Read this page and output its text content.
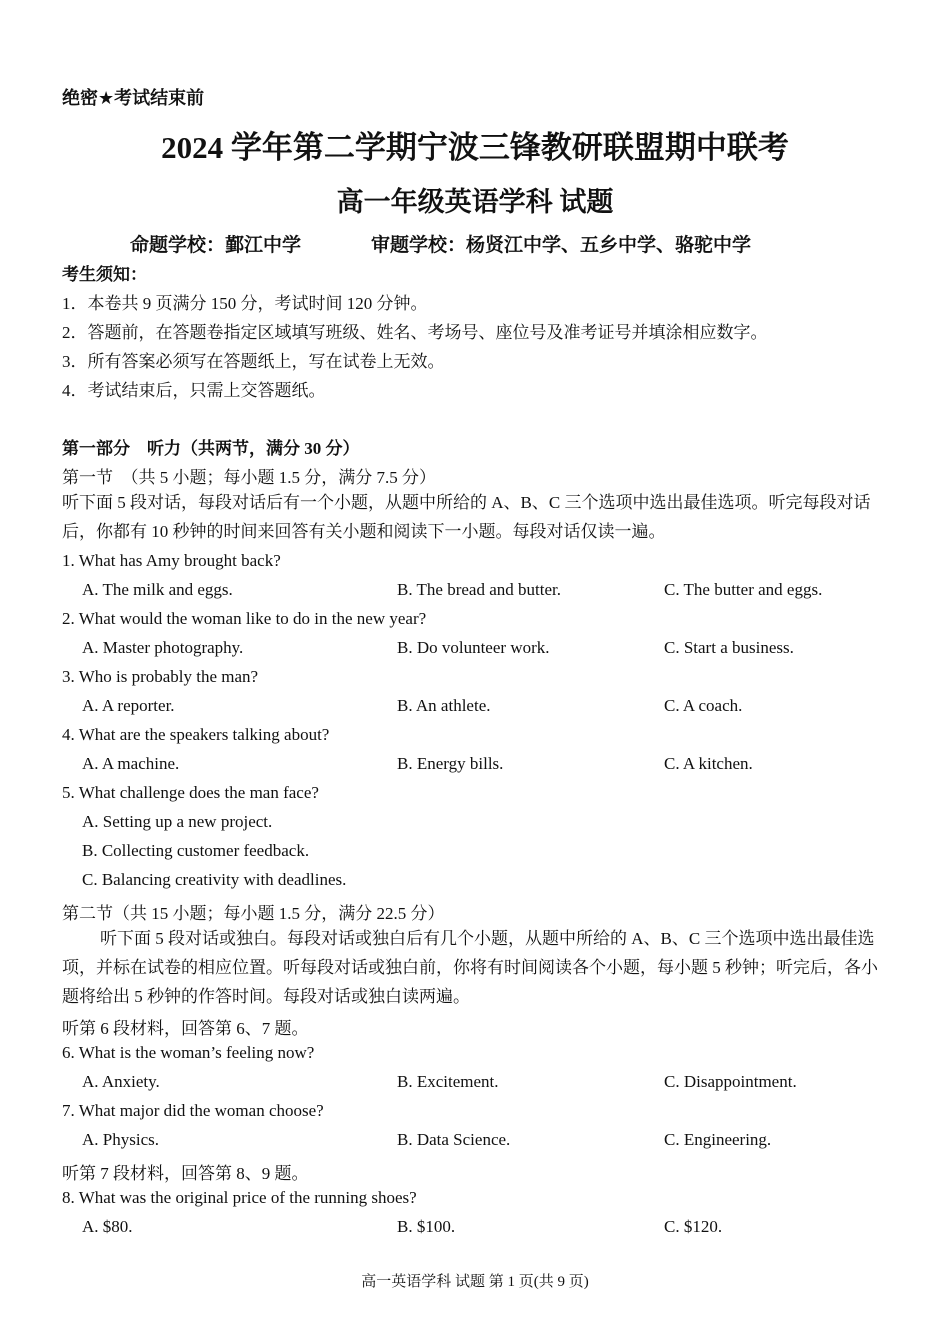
绝密★考试结束前
2024 学年第二学期宁波三锋教研联盟期中联考
高一年级英语学科 试题
命题学校：鄞江中学	审题学校：杨贤江中学、五乡中学、骆驼中学
考生须知：
1．本卷共 9 页满分 150 分，考试时间 120 分钟。
2．答题前，在答题卷指定区域填写班级、姓名、考场号、座位号及准考证号并填涂相应数字。
3．所有答案必须写在答题纸上，写在试卷上无效。
4．考试结束后，只需上交答题纸。
第一部分　听力（共两节，满分 30 分）
第一节　（共 5 小题；每小题 1.5 分，满分 7.5 分）
听下面 5 段对话，每段对话后有一个小题，从题中所给的 A、B、C 三个选项中选出最佳选项。听完每段对话后，你都有 10 秒钟的时间来回答有关小题和阅读下一小题。每段对话仅读一遍。
1. What has Amy brought back?
A. The milk and eggs.	B. The bread and butter.	C. The butter and eggs.
2. What would the woman like to do in the new year?
A. Master photography.	B. Do volunteer work.	C. Start a business.
3. Who is probably the man?
A. A reporter.	B. An athlete.	C. A coach.
4. What are the speakers talking about?
A. A machine.	B. Energy bills.	C. A kitchen.
5. What challenge does the man face?
A. Setting up a new project.
B. Collecting customer feedback.
C. Balancing creativity with deadlines.
第二节（共 15 小题；每小题 1.5 分，满分 22.5 分）
听下面 5 段对话或独白。每段对话或独白后有几个小题，从题中所给的 A、B、C 三个选项中选出最佳选项，并标在试卷的相应位置。听每段对话或独白前，你将有时间阅读各个小题，每小题 5 秒钟；听完后，各小题将给出 5 秒钟的作答时间。每段对话或独白读两遍。
听第 6 段材料，回答第 6、7 题。
6. What is the woman’s feeling now?
A. Anxiety.	B. Excitement.	C. Disappointment.
7. What major did the woman choose?
A. Physics.	B. Data Science.	C. Engineering.
听第 7 段材料，回答第 8、9 题。
8. What was the original price of the running shoes?
A. $80.	B. $100.	C. $120.
高一英语学科 试题 第 1 页(共 9 页)
